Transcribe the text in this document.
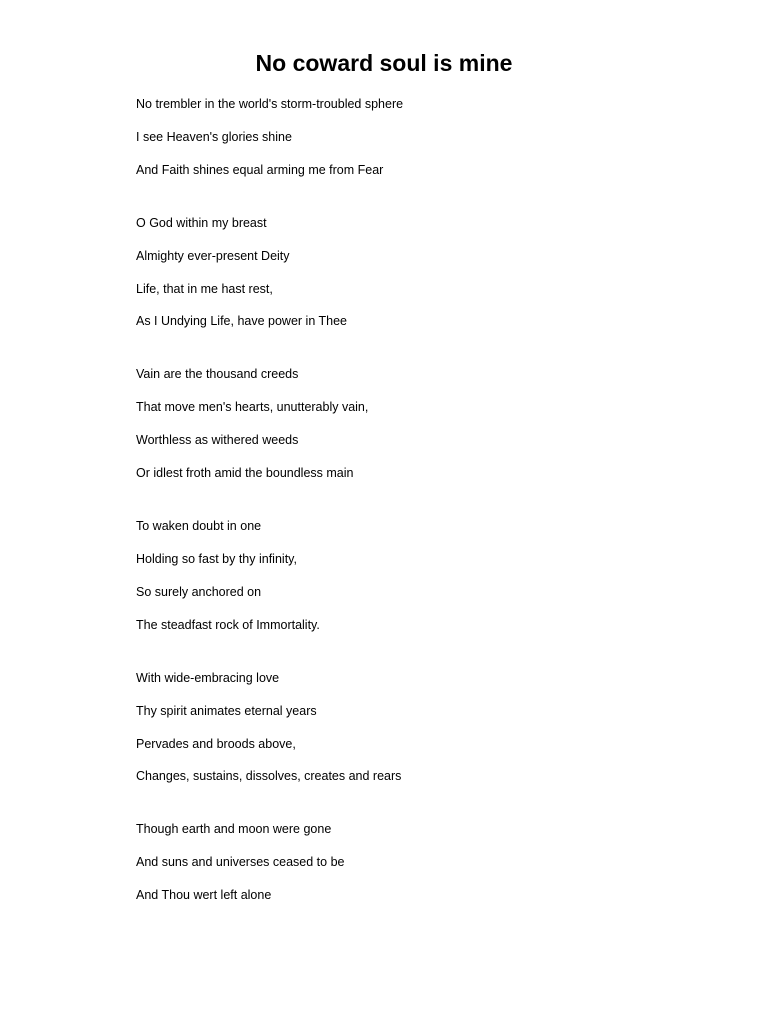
No coward soul is mine
No trembler in the world's storm-troubled sphere
I see Heaven's glories shine
And Faith shines equal arming me from Fear
O God within my breast
Almighty ever-present Deity
Life, that in me hast rest,
As I Undying Life, have power in Thee
Vain are the thousand creeds
That move men's hearts, unutterably vain,
Worthless as withered weeds
Or idlest froth amid the boundless main
To waken doubt in one
Holding so fast by thy infinity,
So surely anchored on
The steadfast rock of Immortality.
With wide-embracing love
Thy spirit animates eternal years
Pervades and broods above,
Changes, sustains, dissolves, creates and rears
Though earth and moon were gone
And suns and universes ceased to be
And Thou wert left alone
